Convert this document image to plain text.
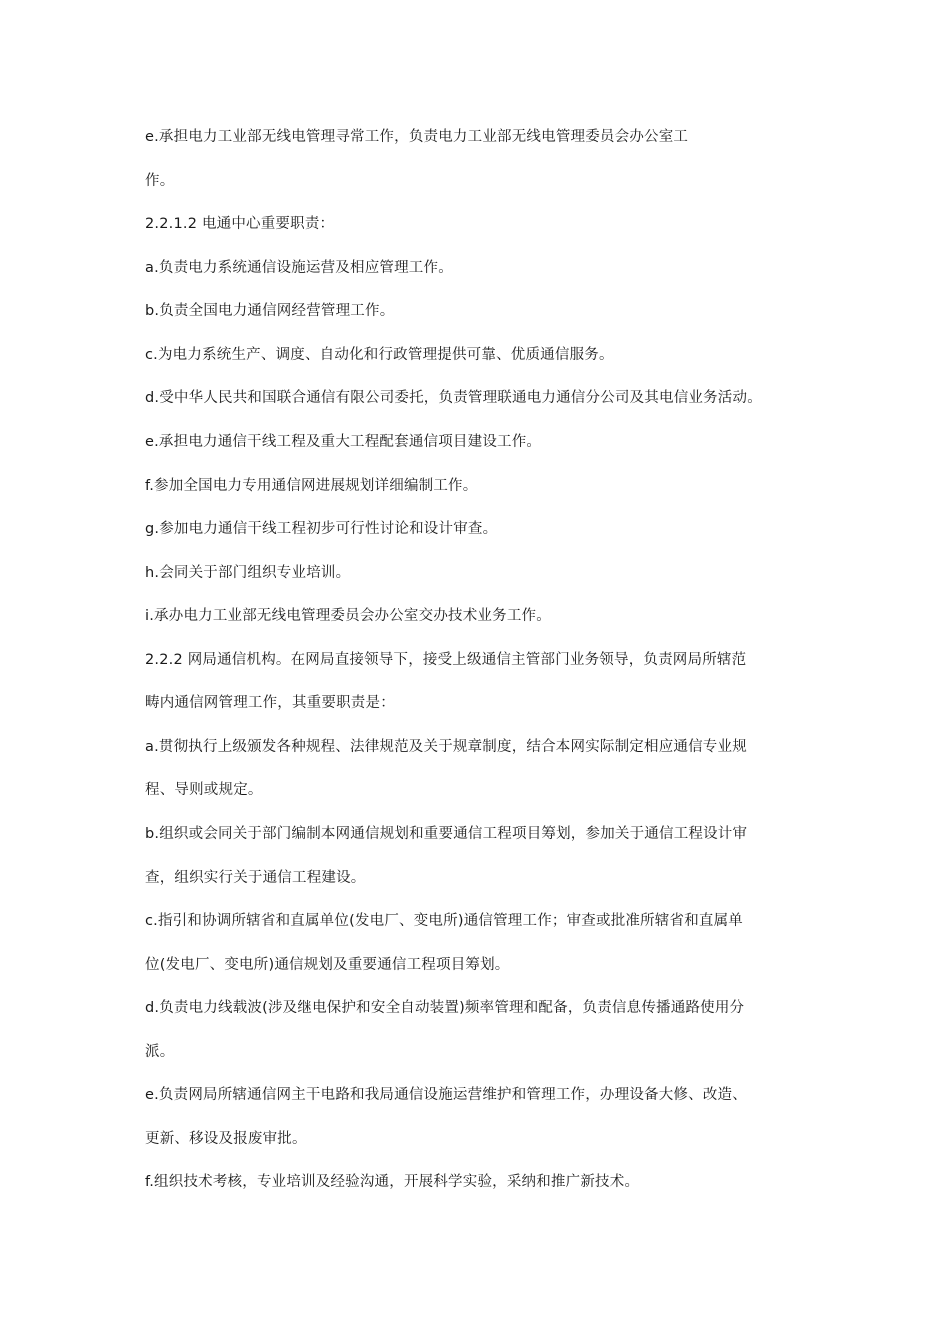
e.承担电力工业部无线电管理寻常工作，负责电力工业部无线电管理委员会办公室工
作。
2.2.1.2 电通中心重要职责：
a.负责电力系统通信设施运营及相应管理工作。
b.负责全国电力通信网经营管理工作。
c.为电力系统生产、调度、自动化和行政管理提供可靠、优质通信服务。
d.受中华人民共和国联合通信有限公司委托，负责管理联通电力通信分公司及其电信业务活动。
e.承担电力通信干线工程及重大工程配套通信项目建设工作。
f.参加全国电力专用通信网进展规划详细编制工作。
g.参加电力通信干线工程初步可行性讨论和设计审查。
h.会同关于部门组织专业培训。
i.承办电力工业部无线电管理委员会办公室交办技术业务工作。
2.2.2 网局通信机构。在网局直接领导下，接受上级通信主管部门业务领导，负责网局所辖范
畴内通信网管理工作，其重要职责是：
a.贯彻执行上级颁发各种规程、法律规范及关于规章制度，结合本网实际制定相应通信专业规
程、导则或规定。
b.组织或会同关于部门编制本网通信规划和重要通信工程项目筹划，参加关于通信工程设计审
查，组织实行关于通信工程建设。
c.指引和协调所辖省和直属单位(发电厂、变电所)通信管理工作；审查或批准所辖省和直属单
位(发电厂、变电所)通信规划及重要通信工程项目筹划。
d.负责电力线载波(涉及继电保护和安全自动装置)频率管理和配备，负责信息传播通路使用分
派。
e.负责网局所辖通信网主干电路和我局通信设施运营维护和管理工作，办理设备大修、改造、
更新、移设及报废审批。
f.组织技术考核，专业培训及经验沟通，开展科学实验，采纳和推广新技术。
